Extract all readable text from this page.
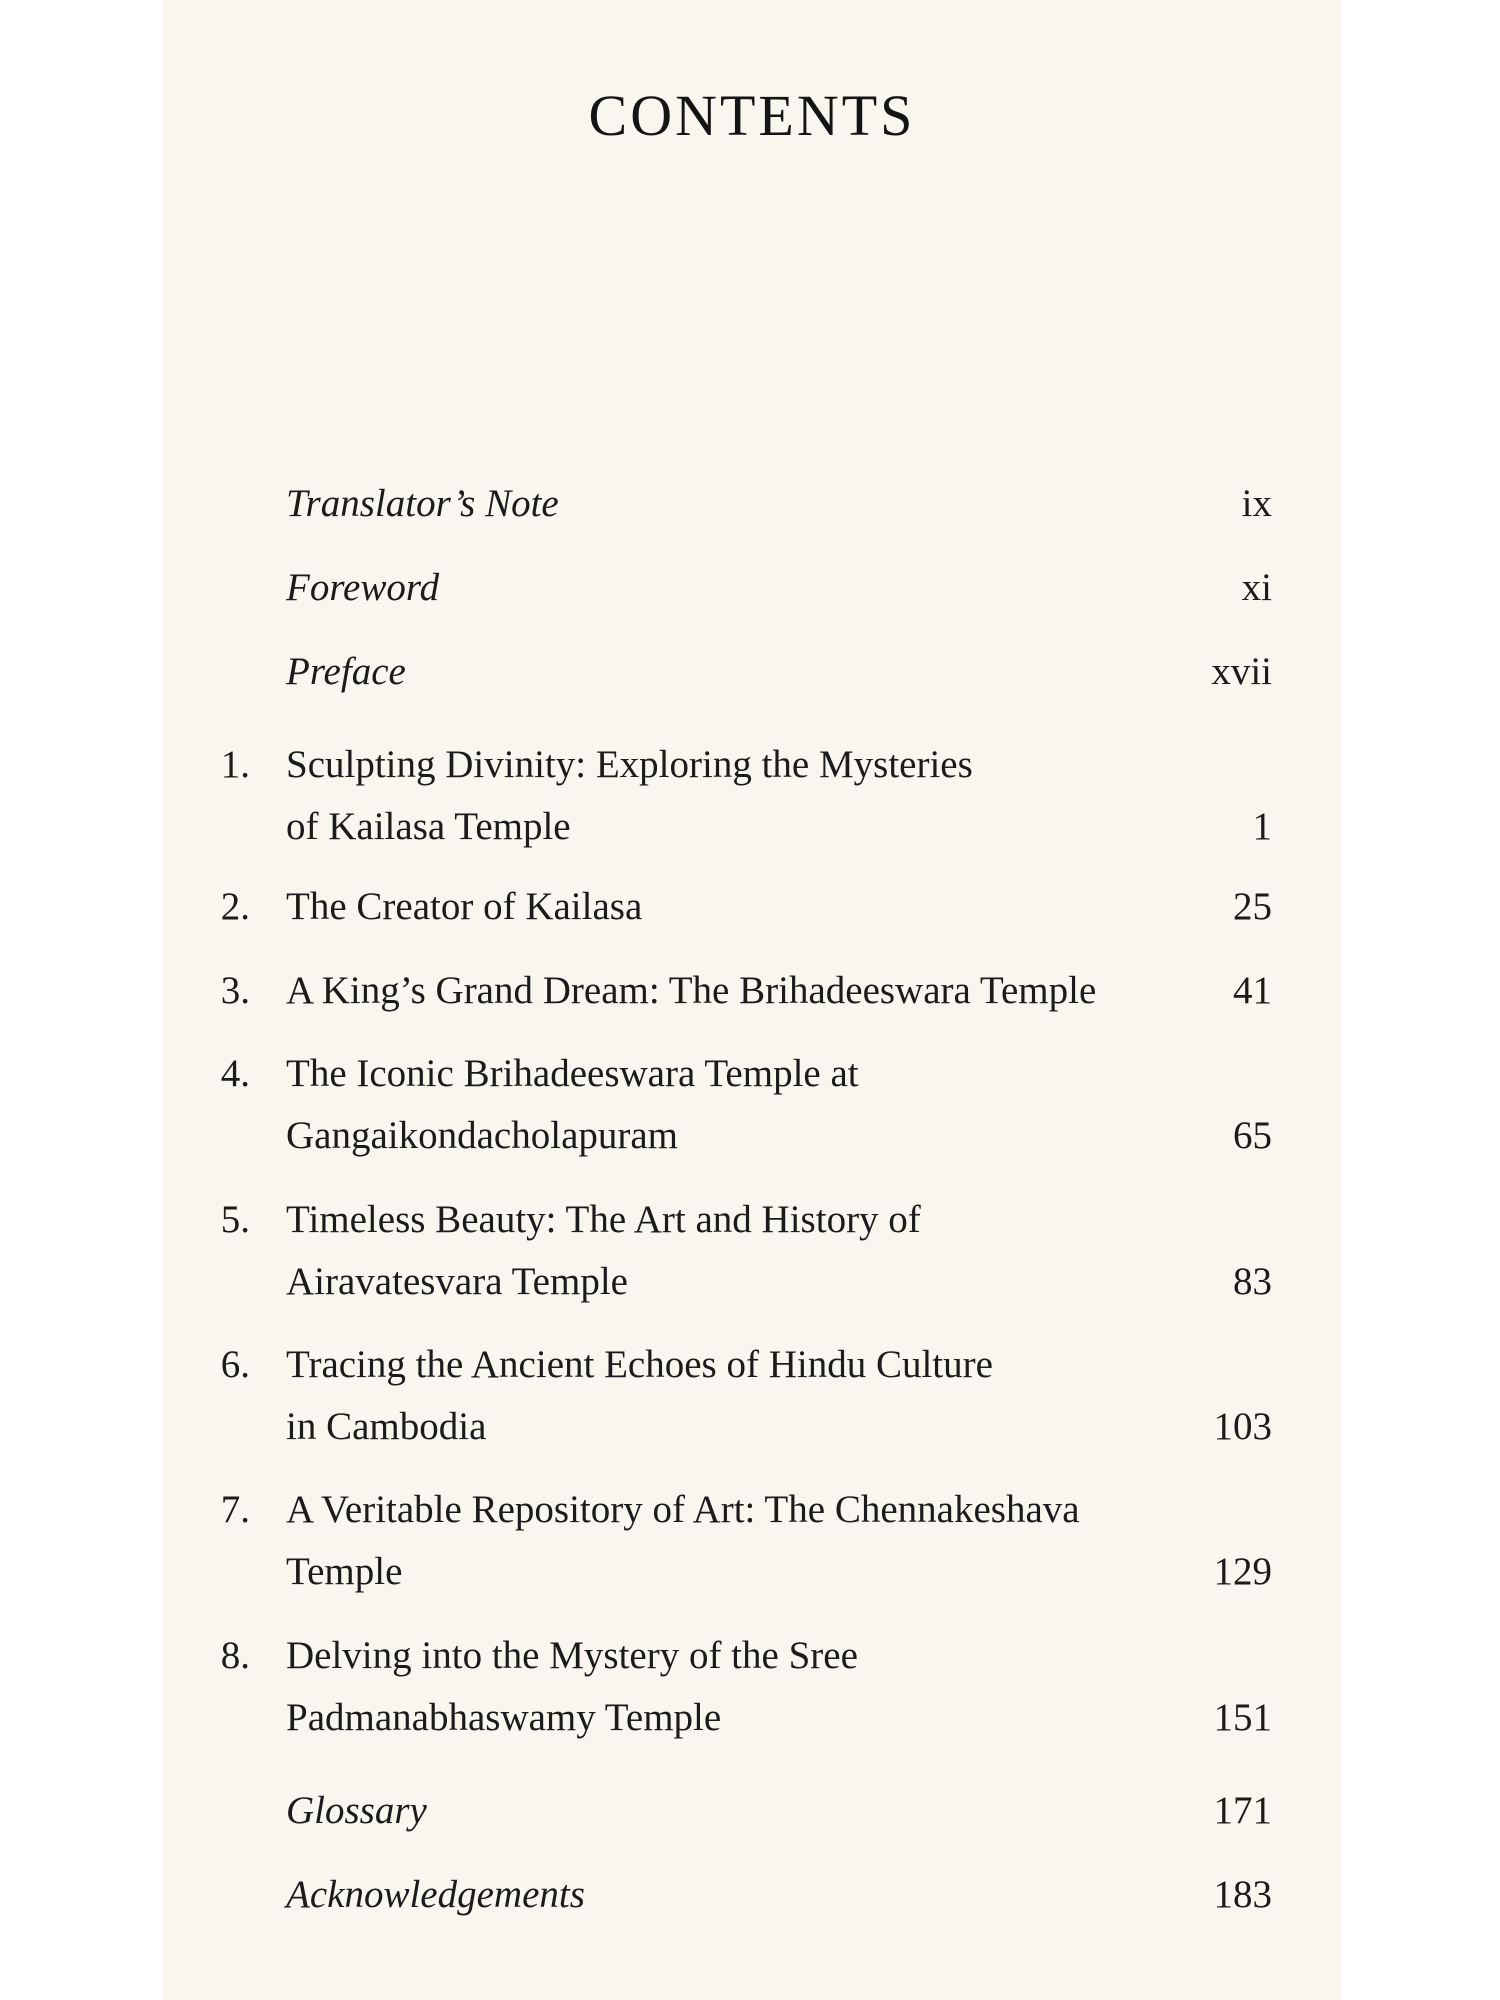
CONTENTS
Translator’s Note	ix
Foreword	xi
Preface	xvii
1. Sculpting Divinity: Exploring the Mysteries
of Kailasa Temple	1
2. The Creator of Kailasa	25
3. A King’s Grand Dream: The Brihadeeswara Temple	41
4. The Iconic Brihadeeswara Temple at
Gangaikondacholapuram	65
5. Timeless Beauty: The Art and History of
Airavatesvara Temple	83
6. Tracing the Ancient Echoes of Hindu Culture
in Cambodia	103
7. A Veritable Repository of Art: The Chennakeshava
Temple	129
8. Delving into the Mystery of the Sree
Padmanabhaswamy Temple	151
Glossary	171
Acknowledgements	183
